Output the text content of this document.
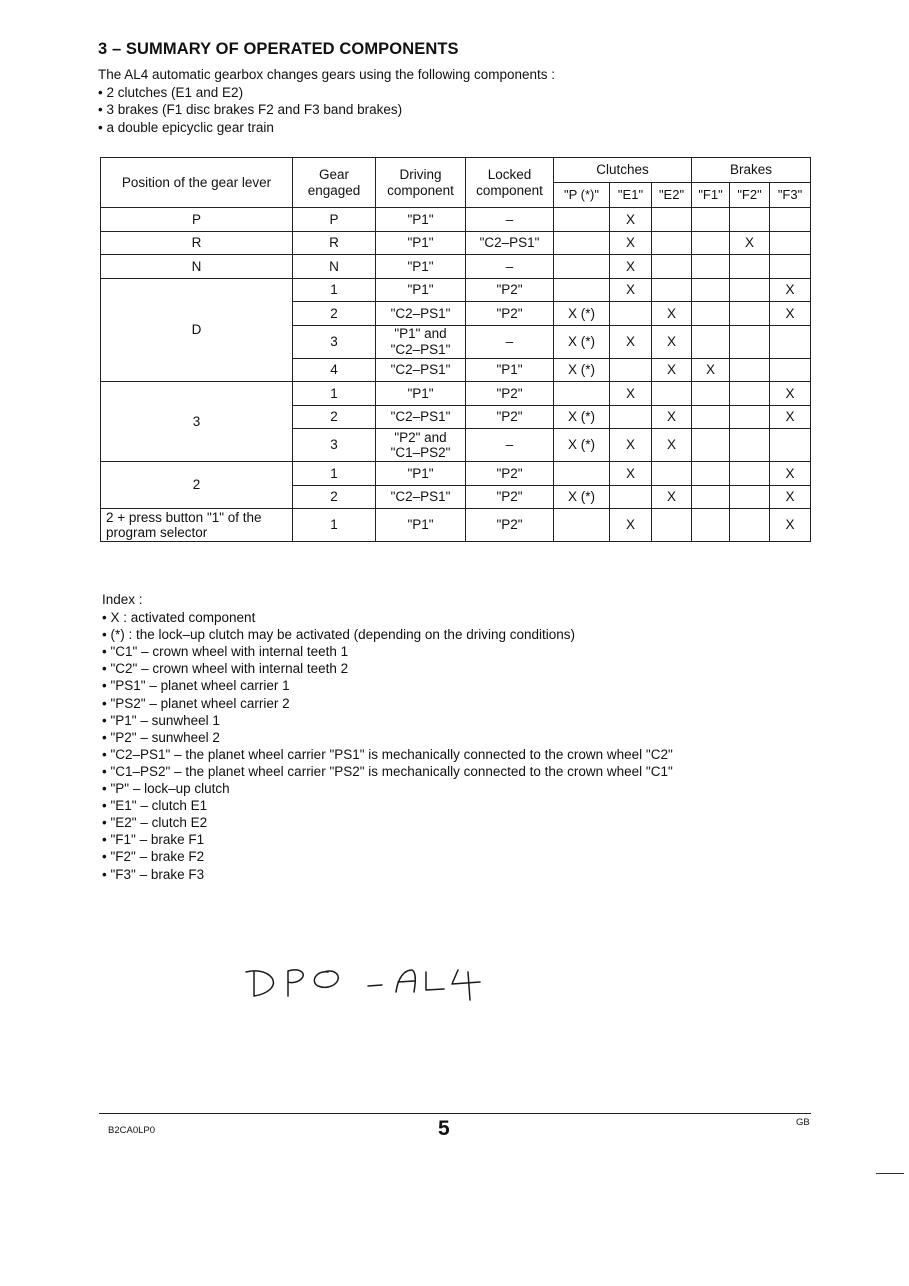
3 – SUMMARY OF OPERATED COMPONENTS
The AL4 automatic gearbox changes gears using the following components :
• 2 clutches (E1 and E2)
• 3 brakes (F1 disc brakes F2 and F3 band brakes)
• a double epicyclic gear train
Position of the gear lever	Gear engaged	Driving component	Locked component	Clutches			Brakes		
				"P (*)"	"E1"	"E2"	"F1"	"F2"	"F3"
P	P	"P1"	–		X				
R	R	"P1"	"C2–PS1"		X			X	
N	N	"P1"	–		X				
D	1	"P1"	"P2"		X				X
	2	"C2–PS1"	"P2"	X (*)		X			X
	3	"P1" and "C2–PS1"	–	X (*)	X	X			
	4	"C2–PS1"	"P1"	X (*)		X	X		
3	1	"P1"	"P2"		X				X
	2	"C2–PS1"	"P2"	X (*)		X			X
	3	"P2" and "C1–PS2"	–	X (*)	X	X			
2	1	"P1"	"P2"		X				X
	2	"C2–PS1"	"P2"	X (*)		X			X
2 + press button "1" of the program selector	1	"P1"	"P2"		X				X
Index :
• X : activated component
• (*) : the lock–up clutch may be activated (depending on the driving conditions)
• "C1" – crown wheel with internal teeth 1
• "C2" – crown wheel with internal teeth 2
• "PS1" – planet wheel carrier 1
• "PS2" – planet wheel carrier 2
• "P1" – sunwheel 1
• "P2" – sunwheel 2
• "C2–PS1" – the planet wheel carrier "PS1" is mechanically connected to the crown wheel "C2"
• "C1–PS2" – the planet wheel carrier "PS2" is mechanically connected to the crown wheel "C1"
• "P" – lock–up clutch
• "E1" – clutch E1
• "E2" – clutch E2
• "F1" – brake F1
• "F2" – brake F2
• "F3" – brake F3
B2CA0LP0	5	GB
